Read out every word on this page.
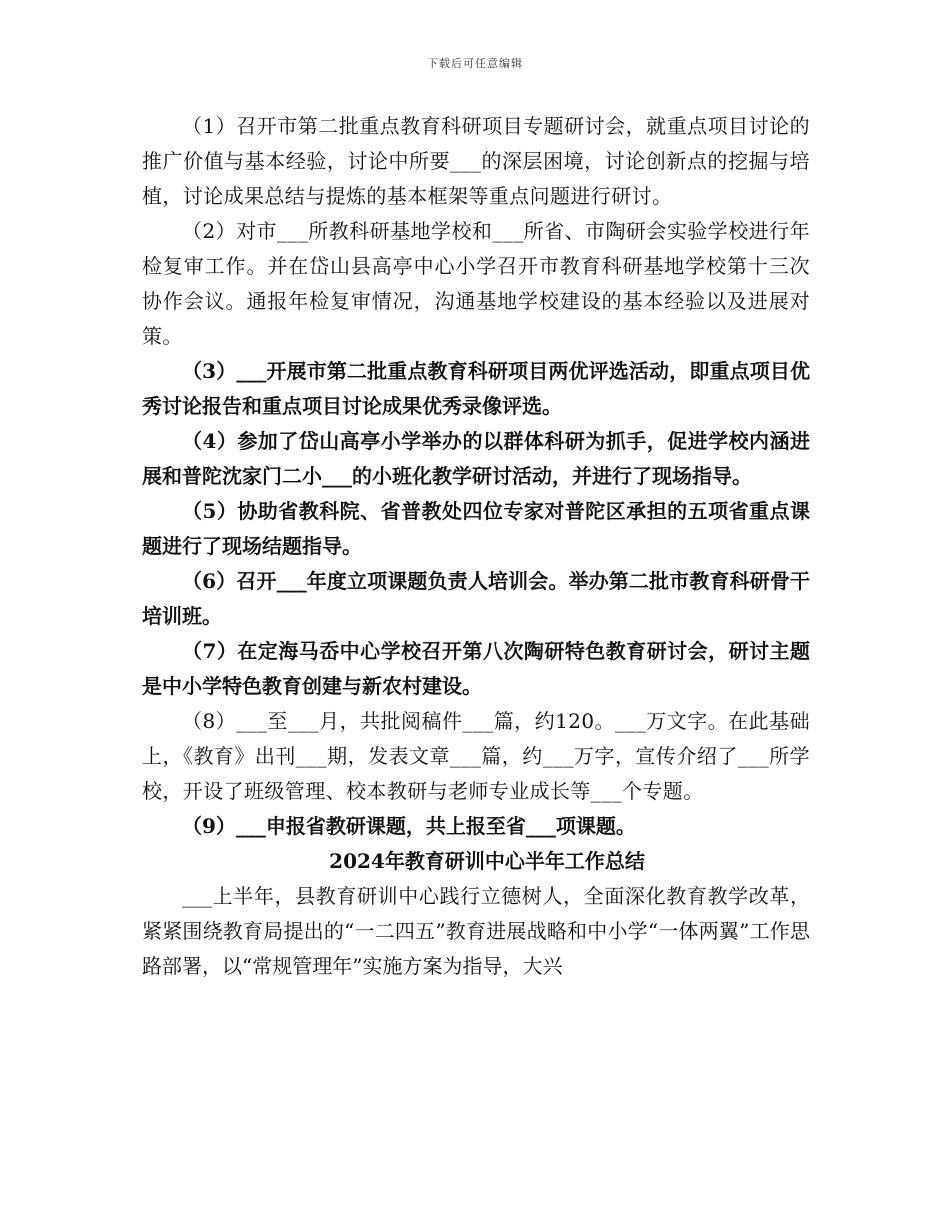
下载后可任意编辑

（1）召开市第二批重点教育科研项目专题研讨会，就重点项目讨论的推广价值与基本经验，讨论中所要___的深层困境，讨论创新点的挖掘与培植，讨论成果总结与提炼的基本框架等重点问题进行研讨。

（2）对市___所教科研基地学校和___所省、市陶研会实验学校进行年检复审工作。并在岱山县高亭中心小学召开市教育科研基地学校第十三次协作会议。通报年检复审情况，沟通基地学校建设的基本经验以及进展对策。

（3）___开展市第二批重点教育科研项目两优评选活动，即重点项目优秀讨论报告和重点项目讨论成果优秀录像评选。

（4）参加了岱山高亭小学举办的以群体科研为抓手，促进学校内涵进展和普陀沈家门二小___的小班化教学研讨活动，并进行了现场指导。

（5）协助省教科院、省普教处四位专家对普陀区承担的五项省重点课题进行了现场结题指导。

（6）召开___年度立项课题负责人培训会。举办第二批市教育科研骨干培训班。

（7）在定海马岙中心学校召开第八次陶研特色教育研讨会，研讨主题是中小学特色教育创建与新农村建设。

（8）___至___月，共批阅稿件___篇，约120。___万文字。在此基础上，《教育》出刊___期，发表文章___篇，约___万字，宣传介绍了___所学校，开设了班级管理、校本教研与老师专业成长等___个专题。

（9）___申报省教研课题，共上报至省___项课题。

2024年教育研训中心半年工作总结

___上半年，县教育研训中心践行立德树人，全面深化教育教学改革，紧紧围绕教育局提出的“一二四五”教育进展战略和中小学“一体两翼”工作思路部署，以“常规管理年”实施方案为指导，大兴
